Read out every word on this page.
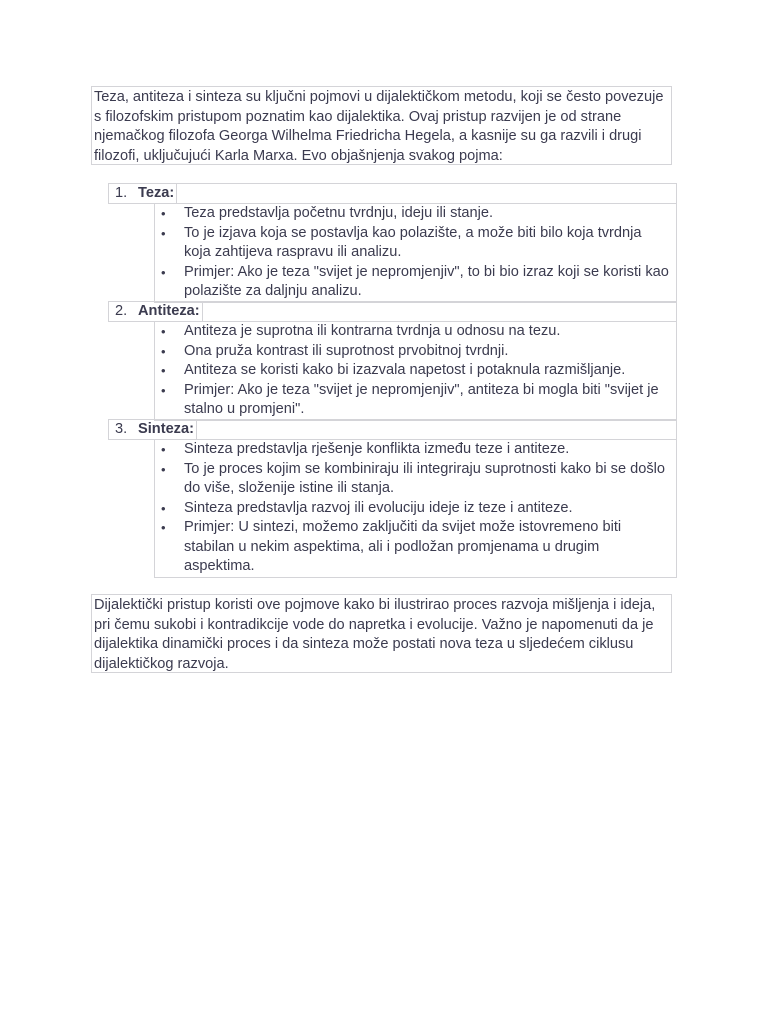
Teza, antiteza i sinteza su ključni pojmovi u dijalektičkom metodu, koji se često povezuje s filozofskim pristupom poznatim kao dijalektika. Ovaj pristup razvijen je od strane njemačkog filozofa Georga Wilhelma Friedricha Hegela, a kasnije su ga razvili i drugi filozofi, uključujući Karla Marxa. Evo objašnjenja svakog pojma:
1. Teza:
• Teza predstavlja početnu tvrdnju, ideju ili stanje.
• To je izjava koja se postavlja kao polazište, a može biti bilo koja tvrdnja koja zahtijeva raspravu ili analizu.
• Primjer: Ako je teza "svijet je nepromjenjiv", to bi bio izraz koji se koristi kao polazište za daljnju analizu.
2. Antiteza:
• Antiteza je suprotna ili kontrarna tvrdnja u odnosu na tezu.
• Ona pruža kontrast ili suprotnost prvobitnoj tvrdnji.
• Antiteza se koristi kako bi izazvala napetost i potaknula razmišljanje.
• Primjer: Ako je teza "svijet je nepromjenjiv", antiteza bi mogla biti "svijet je stalno u promjeni".
3. Sinteza:
• Sinteza predstavlja rješenje konflikta između teze i antiteze.
• To je proces kojim se kombiniraju ili integriraju suprotnosti kako bi se došlo do više, složenije istine ili stanja.
• Sinteza predstavlja razvoj ili evoluciju ideje iz teze i antiteze.
• Primjer: U sintezi, možemo zaključiti da svijet može istovremeno biti stabilan u nekim aspektima, ali i podložan promjenama u drugim aspektima.
Dijalektički pristup koristi ove pojmove kako bi ilustrirao proces razvoja mišljenja i ideja, pri čemu sukobi i kontradikcije vode do napretka i evolucije. Važno je napomenuti da je dijalektika dinamički proces i da sinteza može postati nova teza u sljedećem ciklusu dijalektičkog razvoja.
